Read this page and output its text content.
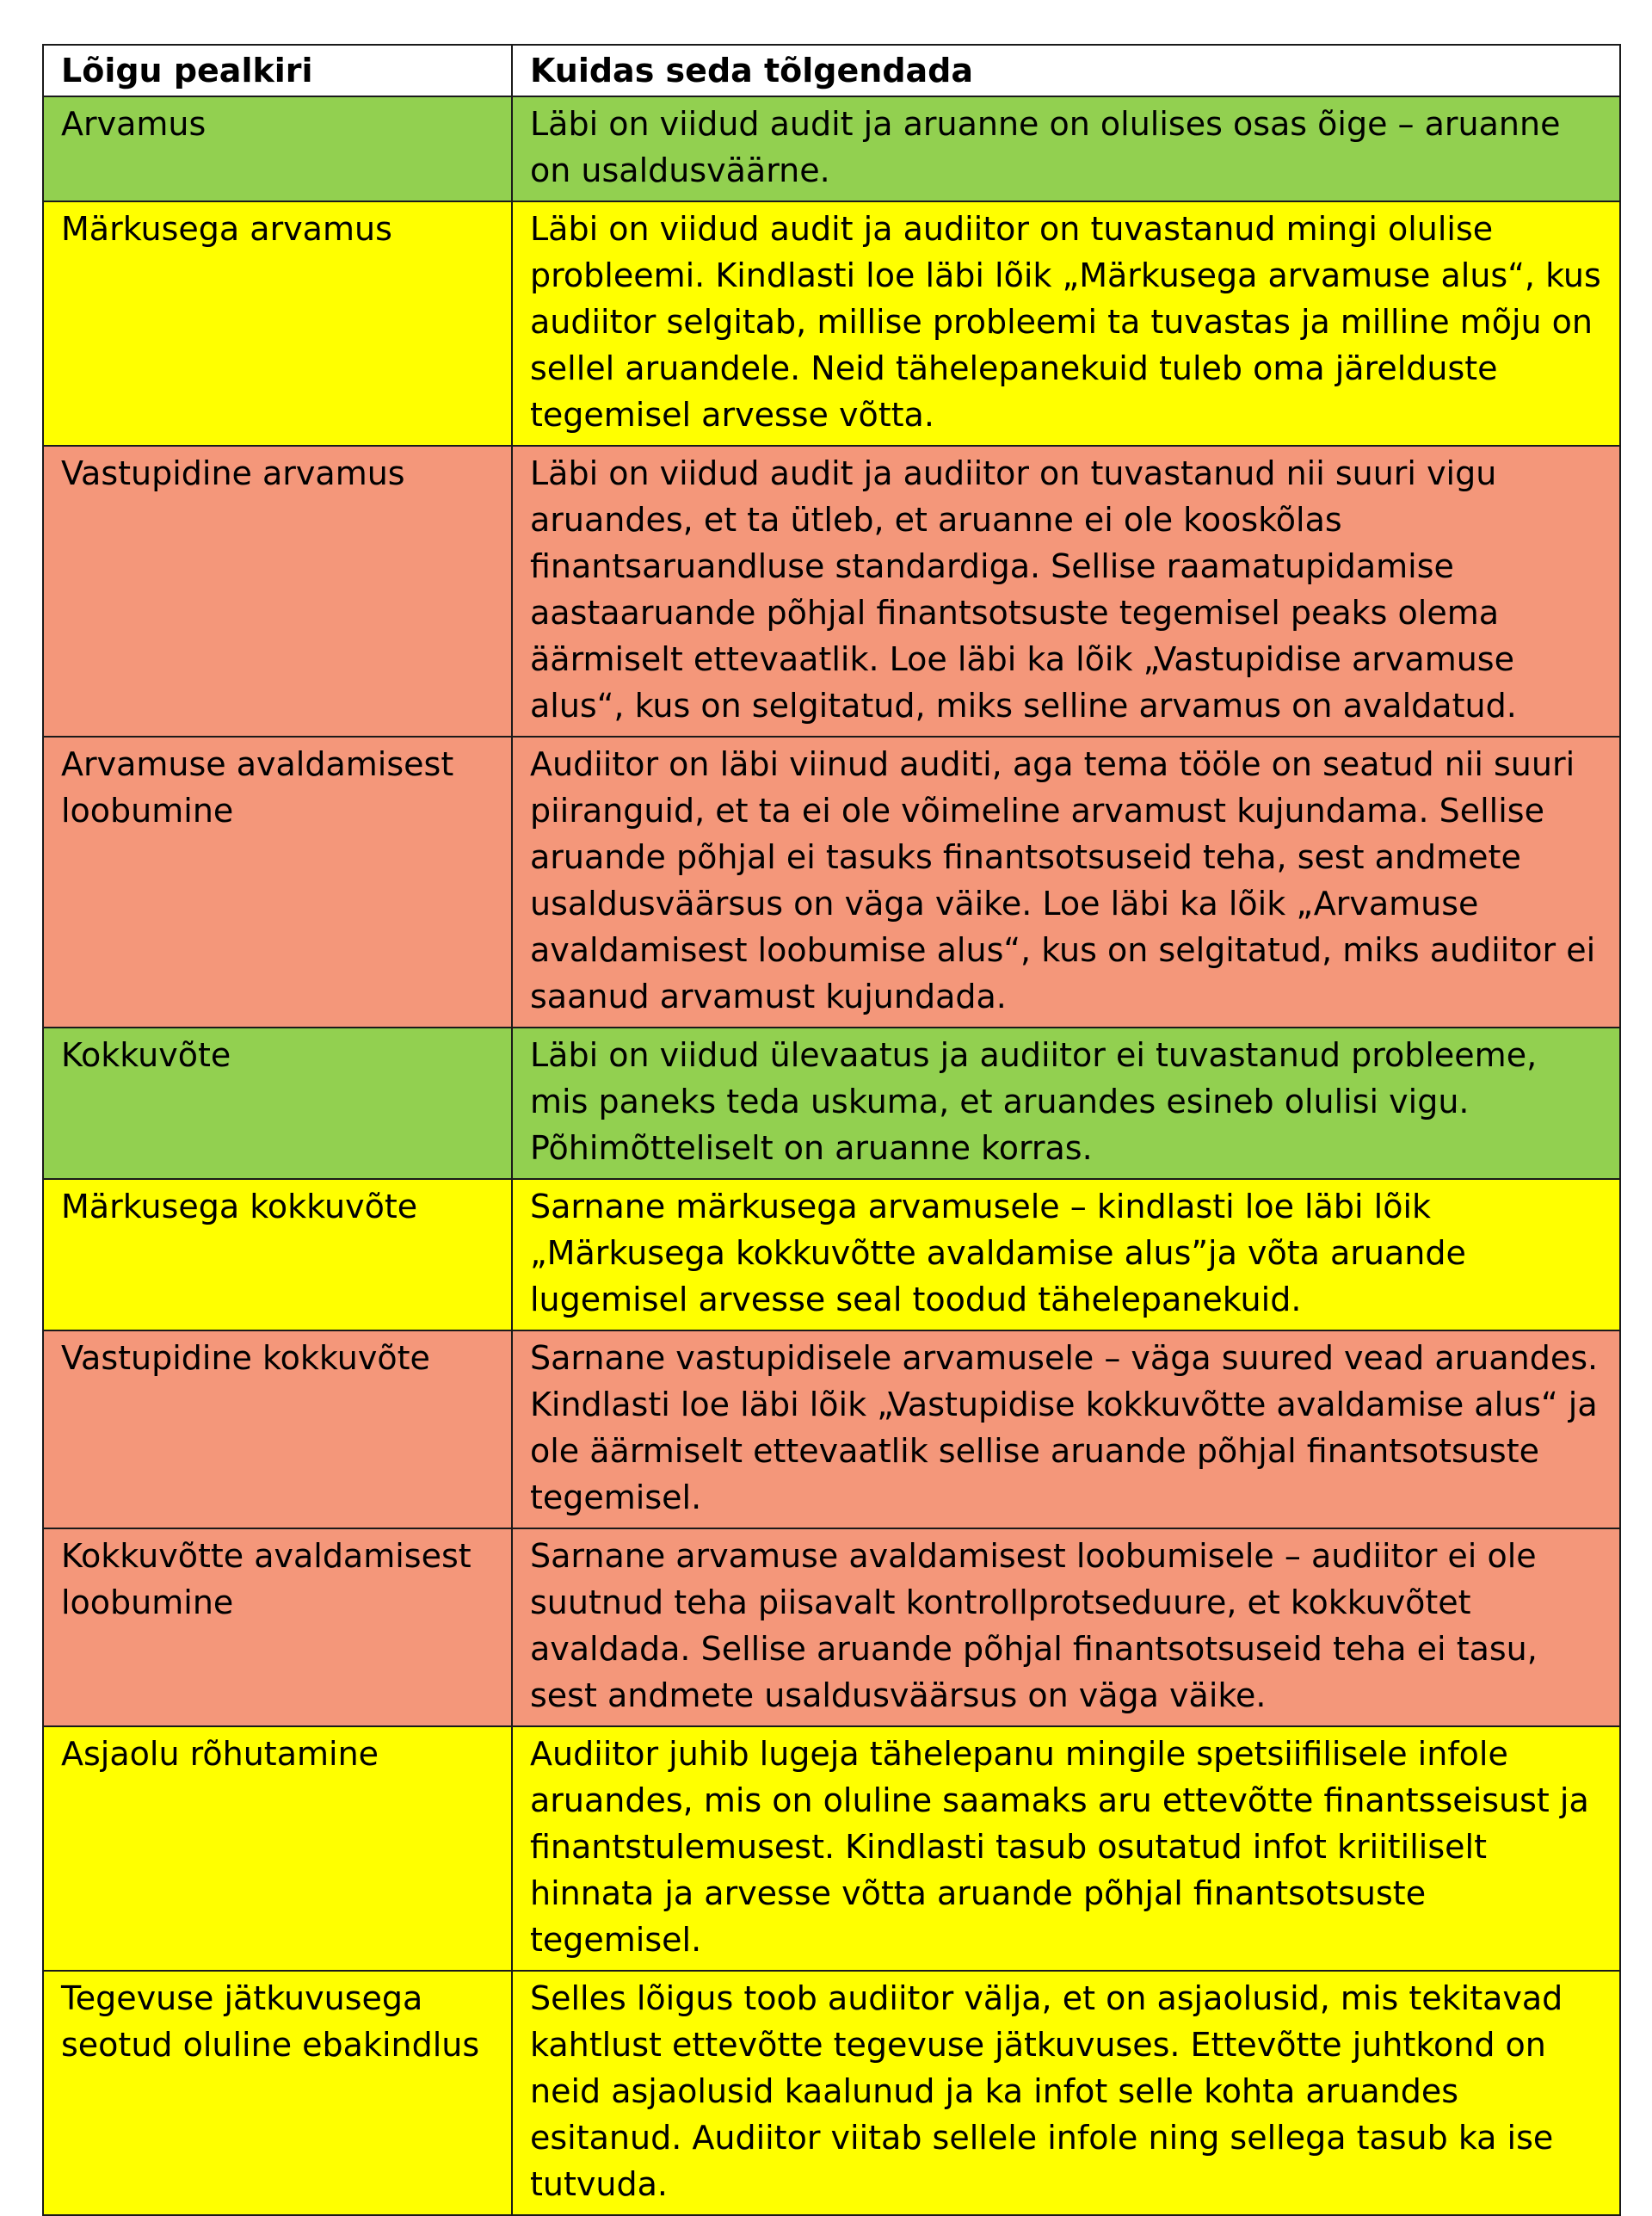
Lõigu pealkiri	Kuidas seda tõlgendada
Arvamus	Läbi on viidud audit ja aruanne on olulises osas õige – aruanne on usaldusväärne.
Märkusega arvamus	Läbi on viidud audit ja audiitor on tuvastanud mingi olulise probleemi. Kindlasti loe läbi lõik „Märkusega arvamuse alus“, kus audiitor selgitab, millise probleemi ta tuvastas ja milline mõju on sellel aruandele. Neid tähelepanekuid tuleb oma järelduste tegemisel arvesse võtta.
Vastupidine arvamus	Läbi on viidud audit ja audiitor on tuvastanud nii suuri vigu aruandes, et ta ütleb, et aruanne ei ole kooskõlas finantsaruandluse standardiga. Sellise raamatupidamise aastaaruande põhjal finantsotsuste tegemisel peaks olema äärmiselt ettevaatlik. Loe läbi ka lõik „Vastupidise arvamuse alus“, kus on selgitatud, miks selline arvamus on avaldatud.
Arvamuse avaldamisest loobumine	Audiitor on läbi viinud auditi, aga tema tööle on seatud nii suuri piiranguid, et ta ei ole võimeline arvamust kujundama. Sellise aruande põhjal ei tasuks finantsotsuseid teha, sest andmete usaldusväärsus on väga väike. Loe läbi ka lõik „Arvamuse avaldamisest loobumise alus“, kus on selgitatud, miks audiitor ei saanud arvamust kujundada.
Kokkuvõte	Läbi on viidud ülevaatus ja audiitor ei tuvastanud probleeme, mis paneks teda uskuma, et aruandes esineb olulisi vigu. Põhimõtteliselt on aruanne korras.
Märkusega kokkuvõte	Sarnane märkusega arvamusele – kindlasti loe läbi lõik „Märkusega kokkuvõtte avaldamise alus”ja võta aruande lugemisel arvesse seal toodud tähelepanekuid.
Vastupidine kokkuvõte	Sarnane vastupidisele arvamusele – väga suured vead aruandes. Kindlasti loe läbi lõik „Vastupidise kokkuvõtte avaldamise alus“ ja ole äärmiselt ettevaatlik sellise aruande põhjal finantsotsuste tegemisel.
Kokkuvõtte avaldamisest loobumine	Sarnane arvamuse avaldamisest loobumisele – audiitor ei ole suutnud teha piisavalt kontrollprotseduure, et kokkuvõtet avaldada. Sellise aruande põhjal finantsotsuseid teha ei tasu, sest andmete usaldusväärsus on väga väike.
Asjaolu rõhutamine	Audiitor juhib lugeja tähelepanu mingile spetsiifilisele infole aruandes, mis on oluline saamaks aru ettevõtte finantsseisust ja finantstulemusest. Kindlasti tasub osutatud infot kriitiliselt hinnata ja arvesse võtta aruande põhjal finantsotsuste tegemisel.
Tegevuse jätkuvusega seotud oluline ebakindlus	Selles lõigus toob audiitor välja, et on asjaolusid, mis tekitavad kahtlust ettevõtte tegevuse jätkuvuses. Ettevõtte juhtkond on neid asjaolusid kaalunud ja ka infot selle kohta aruandes esitanud. Audiitor viitab sellele infole ning sellega tasub ka ise tutvuda.
